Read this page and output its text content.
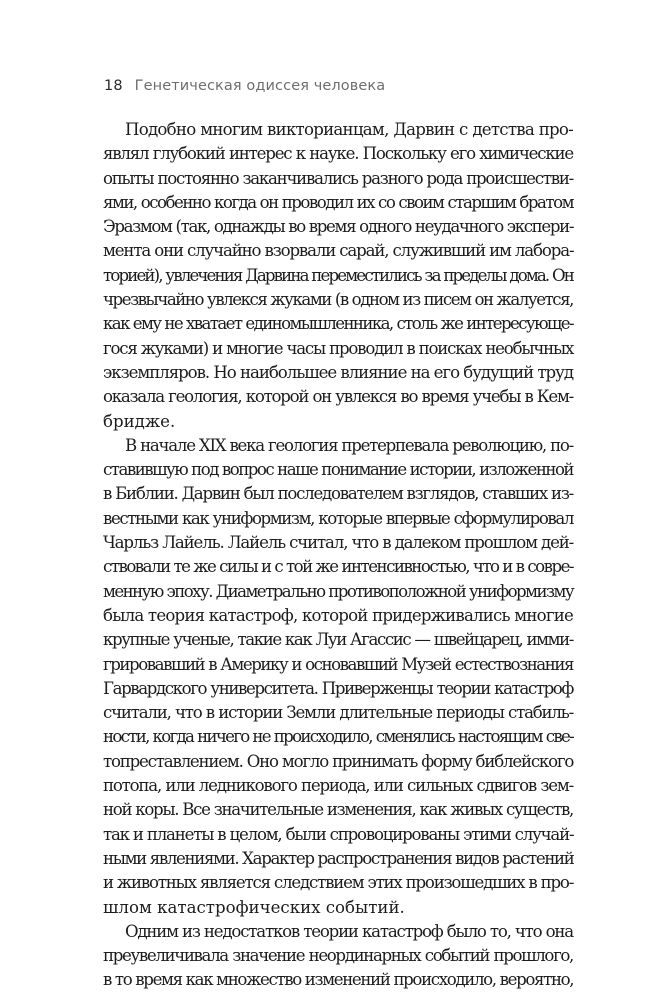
18 Генетическая одиссея человека
Подобно многим викторианцам, Дарвин с детства про-
являл глубокий интерес к науке. Поскольку его химические
опыты постоянно заканчивались разного рода происшестви-
ями, особенно когда он проводил их со своим старшим братом
Эразмом (так, однажды во время одного неудачного экспери-
мента они случайно взорвали сарай, служивший им лабора-
торией), увлечения Дарвина переместились за пределы дома. Он
чрезвычайно увлекся жуками (в одном из писем он жалуется,
как ему не хватает единомышленника, столь же интересующе-
гося жуками) и многие часы проводил в поисках необычных
экземпляров. Но наибольшее влияние на его будущий труд
оказала геология, которой он увлекся во время учебы в Кем-
бридже.
В начале XIX века геология претерпевала революцию, по-
ставившую под вопрос наше понимание истории, изложенной
в Библии. Дарвин был последователем взглядов, ставших из-
вестными как униформизм, которые впервые сформулировал
Чарльз Лайель. Лайель считал, что в далеком прошлом дей-
ствовали те же силы и с той же интенсивностью, что и в совре-
менную эпоху. Диаметрально противоположной униформизму
была теория катастроф, которой придерживались многие
крупные ученые, такие как Луи Агассис — швейцарец, имми-
грировавший в Америку и основавший Музей естествознания
Гарвардского университета. Приверженцы теории катастроф
считали, что в истории Земли длительные периоды стабиль-
ности, когда ничего не происходило, сменялись настоящим све-
топреставлением. Оно могло принимать форму библейского
потопа, или ледникового периода, или сильных сдвигов зем-
ной коры. Все значительные изменения, как живых существ,
так и планеты в целом, были спровоцированы этими случай-
ными явлениями. Характер распространения видов растений
и животных является следствием этих произошедших в про-
шлом катастрофических событий.
Одним из недостатков теории катастроф было то, что она
преувеличивала значение неординарных событий прошлого,
в то время как множество изменений происходило, вероятно,
